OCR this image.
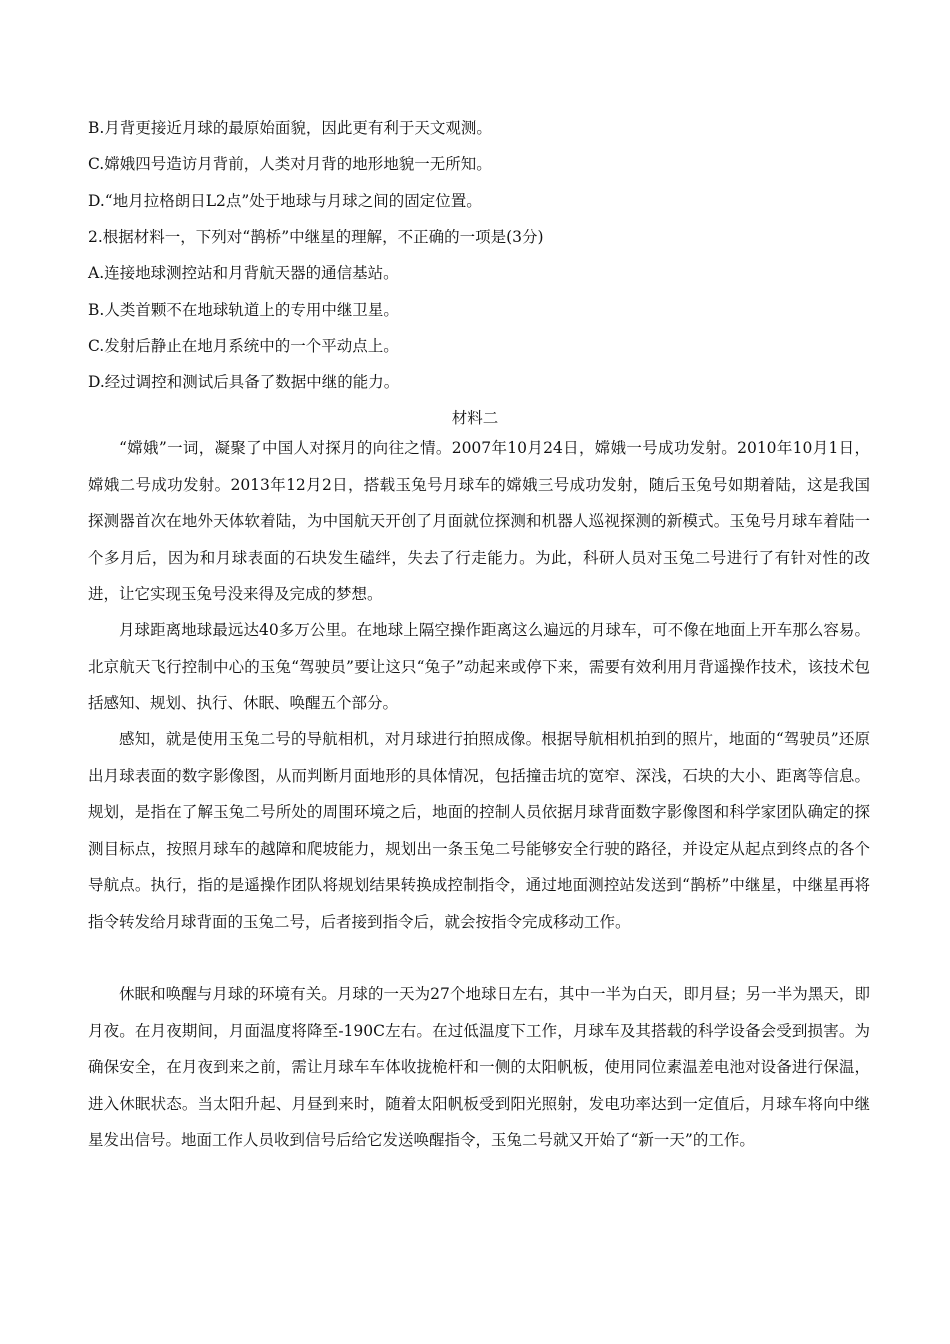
B.月背更接近月球的最原始面貌，因此更有利于天文观测。
C.嫦娥四号造访月背前，人类对月背的地形地貌一无所知。
D.“地月拉格朗日L2点”处于地球与月球之间的固定位置。
2.根据材料一，下列对“鹊桥”中继星的理解，不正确的一项是(3分)
A.连接地球测控站和月背航天器的通信基站。
B.人类首颗不在地球轨道上的专用中继卫星。
C.发射后静止在地月系统中的一个平动点上。
D.经过调控和测试后具备了数据中继的能力。
材料二

“嫦娥”一词，凝聚了中国人对探月的向往之情。2007年10月24日，嫦娥一号成功发射。2010年10月1日，嫦娥二号成功发射。2013年12月2日，搭载玉兔号月球车的嫦娥三号成功发射，随后玉兔号如期着陆，这是我国探测器首次在地外天体软着陆，为中国航天开创了月面就位探测和机器人巡视探测的新模式。玉兔号月球车着陆一个多月后，因为和月球表面的石块发生磕绊，失去了行走能力。为此，科研人员对玉兔二号进行了有针对性的改进，让它实现玉兔号没来得及完成的梦想。

月球距离地球最远达40多万公里。在地球上隔空操作距离这么遍远的月球车，可不像在地面上开车那么容易。北京航天飞行控制中心的玉兔“驾驶员”要让这只“兔子”动起来或停下来，需要有效利用月背遥操作技术，该技术包括感知、规划、执行、休眠、唤醒五个部分。

感知，就是使用玉兔二号的导航相机，对月球进行拍照成像。根据导航相机拍到的照片，地面的“驾驶员”还原出月球表面的数字影像图，从而判断月面地形的具体情况，包括撞击坑的宽窄、深浅，石块的大小、距离等信息。规划，是指在了解玉兔二号所处的周围环境之后，地面的控制人员依据月球背面数字影像图和科学家团队确定的探测目标点，按照月球车的越障和爬坡能力，规划出一条玉兔二号能够安全行驶的路径，并设定从起点到终点的各个导航点。执行，指的是遥操作团队将规划结果转换成控制指令，通过地面测控站发送到“鹊桥”中继星，中继星再将指令转发给月球背面的玉兔二号，后者接到指令后，就会按指令完成移动工作。

休眠和唤醒与月球的环境有关。月球的一天为27个地球日左右，其中一半为白天，即月昼；另一半为黑天，即月夜。在月夜期间，月面温度将降至-190C左右。在过低温度下工作，月球车及其搭载的科学设备会受到损害。为确保安全，在月夜到来之前，需让月球车车体收拢桅杆和一侧的太阳帆板，使用同位素温差电池对设备进行保温，进入休眠状态。当太阳升起、月昼到来时，随着太阳帆板受到阳光照射，发电功率达到一定值后，月球车将向中继星发出信号。地面工作人员收到信号后给它发送唤醒指令，玉兔二号就又开始了“新一天”的工作。
